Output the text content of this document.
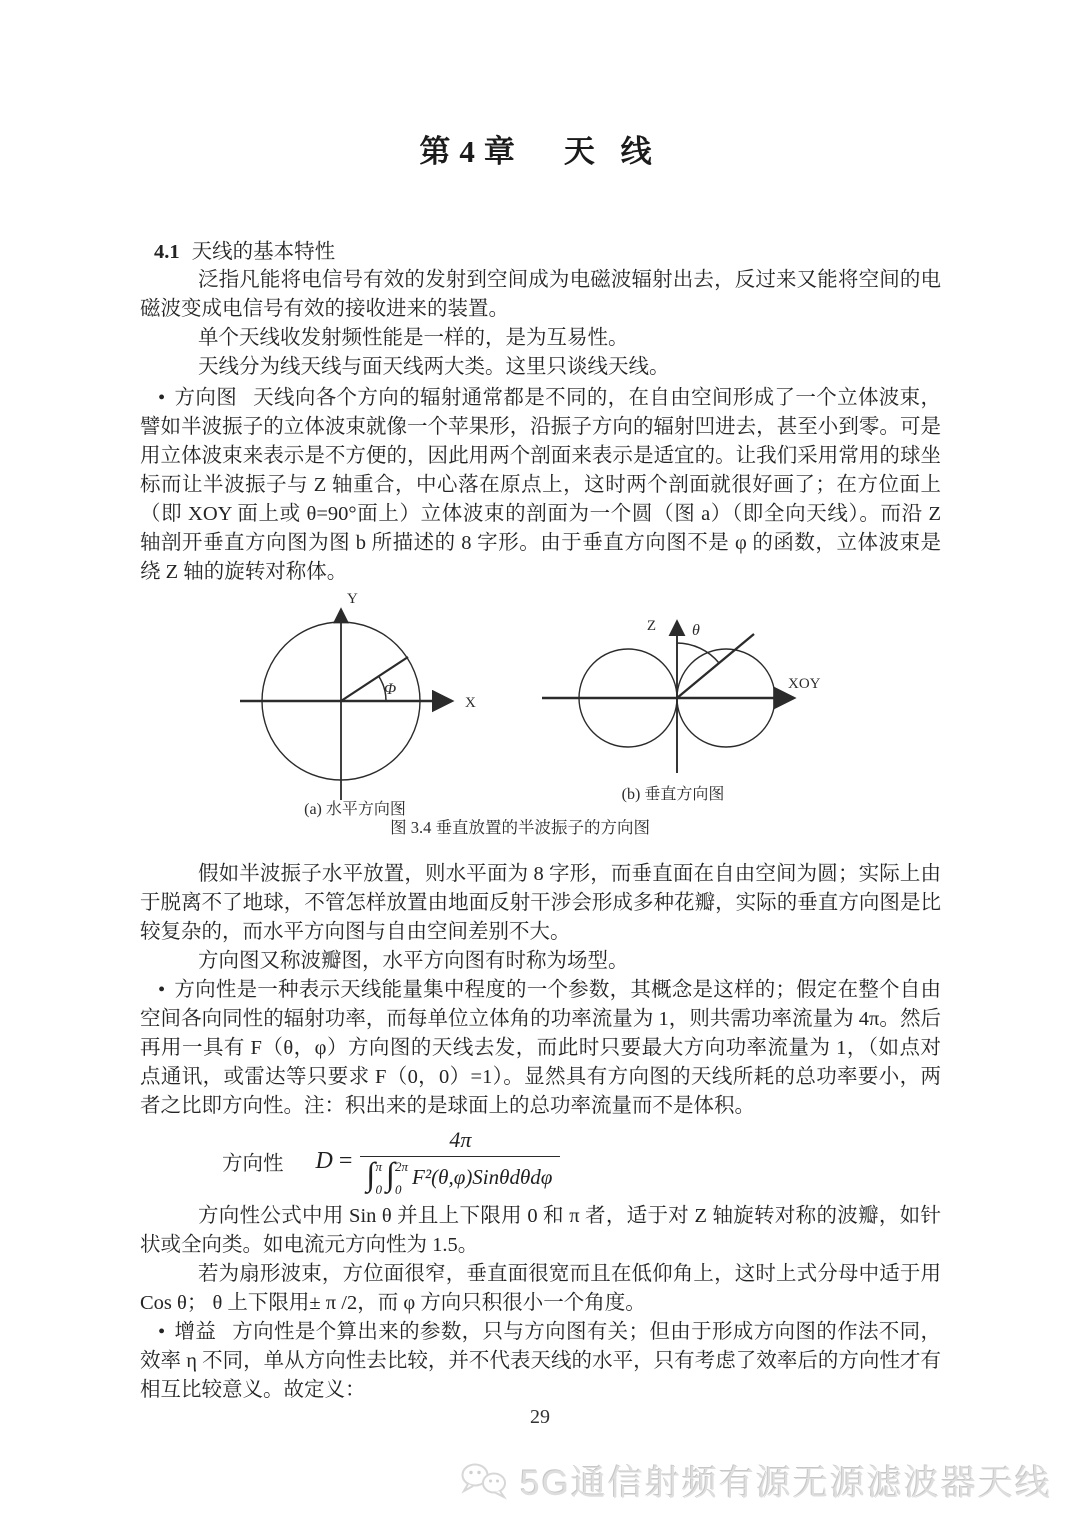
第4章　天 线
4.1 天线的基本特性

泛指凡能将电信号有效的发射到空间成为电磁波辐射出去，反过来又能将空间的电磁波变成电信号有效的接收进来的装置。

单个天线收发射频性能是一样的，是为互易性。

天线分为线天线与面天线两大类。这里只谈线天线。

• 方向图 天线向各个方向的辐射通常都是不同的，在自由空间形成了一个立体波束，譬如半波振子的立体波束就像一个苹果形，沿振子方向的辐射凹进去，甚至小到零。可是用立体波束来表示是不方便的，因此用两个剖面来表示是适宜的。让我们采用常用的球坐标而让半波振子与 Z 轴重合，中心落在原点上，这时两个剖面就很好画了；在方位面上（即 XOY 面上或 θ=90°面上）立体波束的剖面为一个圆（图 a）（即全向天线）。而沿 Z 轴剖开垂直方向图为图 b 所描述的 8 字形。由于垂直方向图不是 φ 的函数，立体波束是绕 Z 轴的旋转对称体。

Y
X
Φ
(a) 水平方向图
Z
XOY
θ
(b) 垂直方向图
图 3.4 垂直放置的半波振子的方向图

假如半波振子水平放置，则水平面为 8 字形，而垂直面在自由空间为圆；实际上由于脱离不了地球，不管怎样放置由地面反射干涉会形成多种花瓣，实际的垂直方向图是比较复杂的，而水平方向图与自由空间差别不大。

方向图又称波瓣图，水平方向图有时称为场型。

• 方向性是一种表示天线能量集中程度的一个参数，其概念是这样的；假定在整个自由空间各向同性的辐射功率，而每单位立体角的功率流量为 1，则共需功率流量为 4π。然后再用一具有 F（θ，φ）方向图的天线去发，而此时只要最大方向功率流量为 1，（如点对点通讯，或雷达等只要求 F（0，0）=1）。显然具有方向图的天线所耗的总功率要小，两者之比即方向性。注：积出来的是球面上的总功率流量而不是体积。

方向性 D = 4π
∫ π
0 ∫ 2π
0 F²(θ,φ)Sinθdθdφ

方向性公式中用 Sin θ 并且上下限用 0 和 π 者，适于对 Z 轴旋转对称的波瓣，如针状或全向类。如电流元方向性为 1.5。

若为扇形波束，方位面很窄，垂直面很宽而且在低仰角上，这时上式分母中适于用 Cos θ； θ 上下限用± π /2，而 φ 方向只积很小一个角度。

• 增益 方向性是个算出来的参数，只与方向图有关；但由于形成方向图的作法不同，效率 η 不同，单从方向性去比较，并不代表天线的水平，只有考虑了效率后的方向性才有相互比较意义。故定义：

29
5G通信射频有源无源滤波器天线
